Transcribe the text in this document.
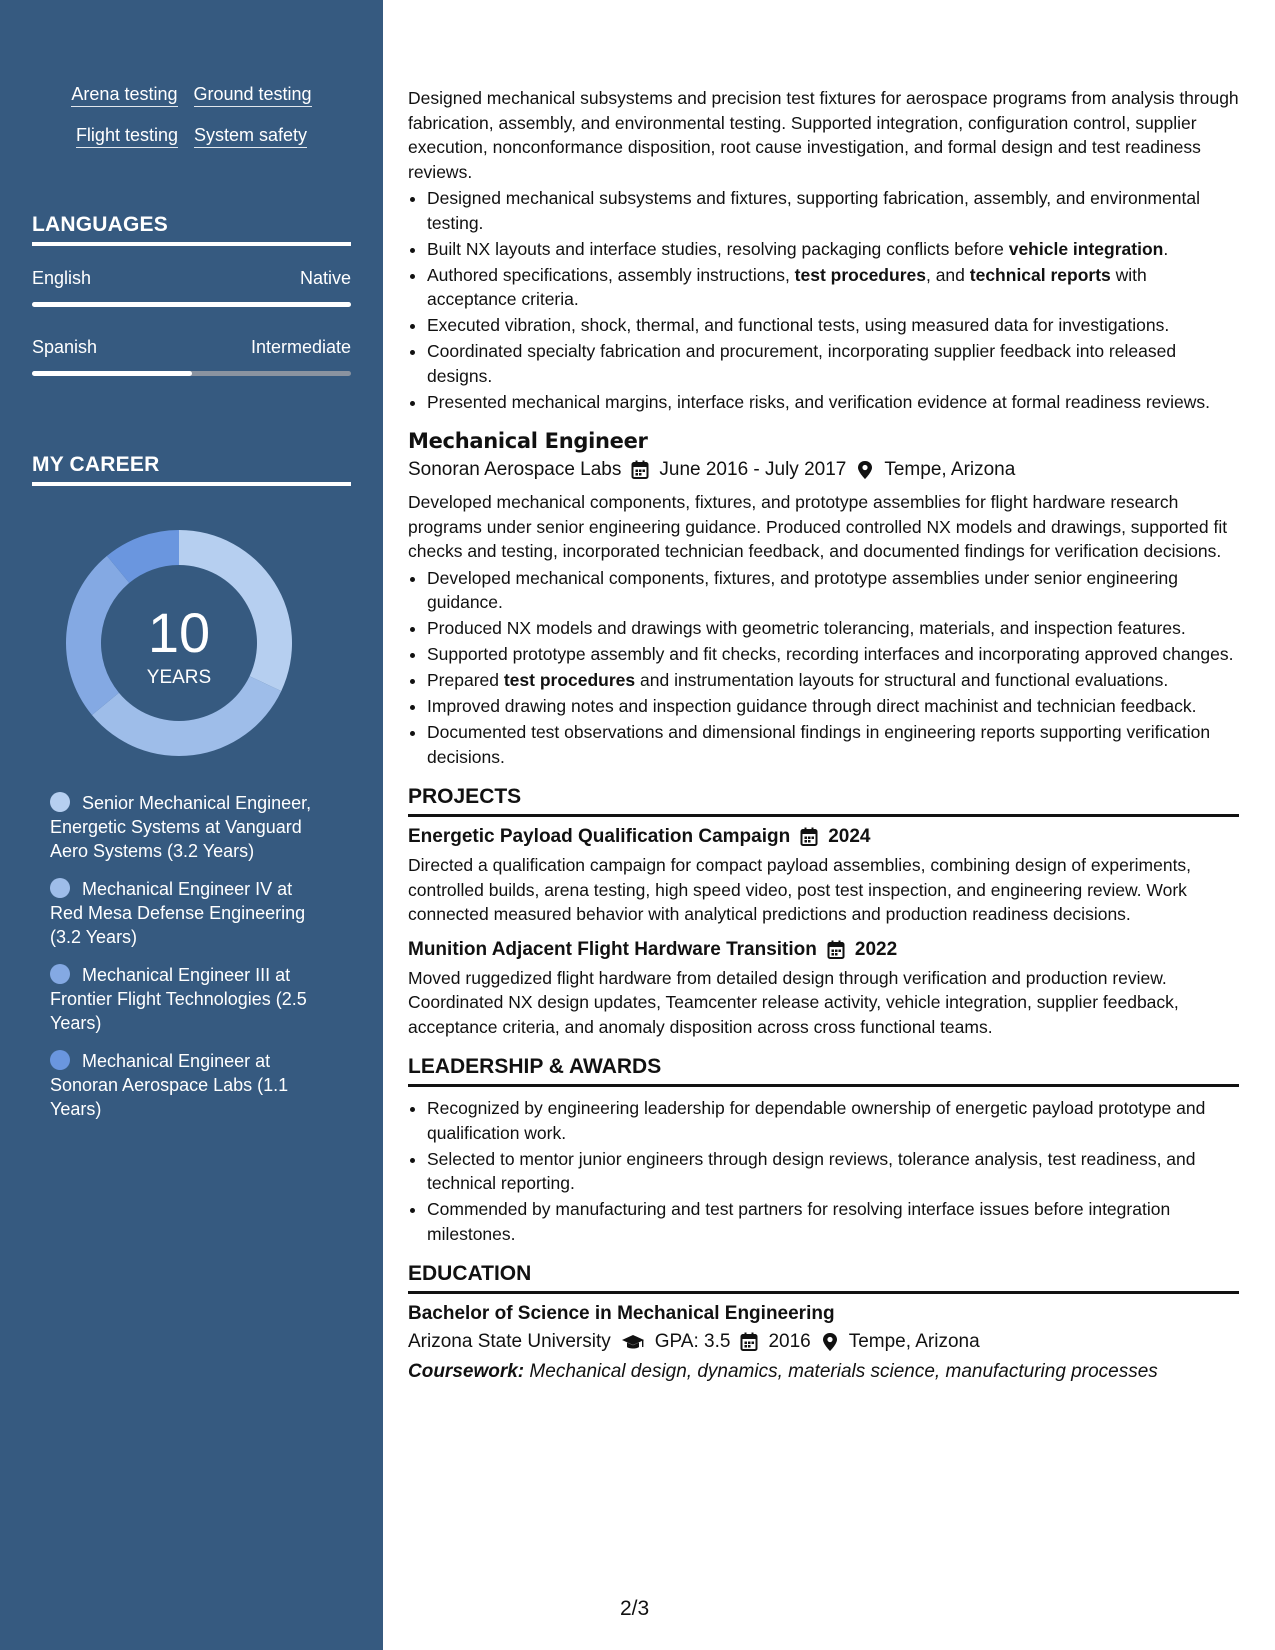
Arena testing Ground testing
Flight testing System safety
LANGUAGES
English	Native
Spanish	Intermediate
MY CAREER
10
YEARS
Senior Mechanical Engineer, Energetic Systems at Vanguard Aero Systems (3.2 Years)
Mechanical Engineer IV at Red Mesa Defense Engineering (3.2 Years)
Mechanical Engineer III at Frontier Flight Technologies (2.5 Years)
Mechanical Engineer at Sonoran Aerospace Labs (1.1 Years)

Designed mechanical subsystems and precision test fixtures for aerospace programs from analysis through fabrication, assembly, and environmental testing. Supported integration, configuration control, supplier execution, nonconformance disposition, root cause investigation, and formal design and test readiness reviews.

• Designed mechanical subsystems and fixtures, supporting fabrication, assembly, and environmental testing.
• Built NX layouts and interface studies, resolving packaging conflicts before vehicle integration.
• Authored specifications, assembly instructions, test procedures, and technical reports with acceptance criteria.
• Executed vibration, shock, thermal, and functional tests, using measured data for investigations.
• Coordinated specialty fabrication and procurement, incorporating supplier feedback into released designs.
• Presented mechanical margins, interface risks, and verification evidence at formal readiness reviews.
Mechanical Engineer
Sonoran Aerospace Labs June 2016 - July 2017 Tempe, Arizona

Developed mechanical components, fixtures, and prototype assemblies for flight hardware research programs under senior engineering guidance. Produced controlled NX models and drawings, supported fit checks and testing, incorporated technician feedback, and documented findings for verification decisions.

• Developed mechanical components, fixtures, and prototype assemblies under senior engineering guidance.
• Produced NX models and drawings with geometric tolerancing, materials, and inspection features.
• Supported prototype assembly and fit checks, recording interfaces and incorporating approved changes.
• Prepared test procedures and instrumentation layouts for structural and functional evaluations.
• Improved drawing notes and inspection guidance through direct machinist and technician feedback.
• Documented test observations and dimensional findings in engineering reports supporting verification decisions.
PROJECTS
Energetic Payload Qualification Campaign 2024

Directed a qualification campaign for compact payload assemblies, combining design of experiments, controlled builds, arena testing, high speed video, post test inspection, and engineering review. Work connected measured behavior with analytical predictions and production readiness decisions.

Munition Adjacent Flight Hardware Transition 2022

Moved ruggedized flight hardware from detailed design through verification and production review. Coordinated NX design updates, Teamcenter release activity, vehicle integration, supplier feedback, acceptance criteria, and anomaly disposition across cross functional teams.

LEADERSHIP & AWARDS
• Recognized by engineering leadership for dependable ownership of energetic payload prototype and qualification work.
• Selected to mentor junior engineers through design reviews, tolerance analysis, test readiness, and technical reporting.
• Commended by manufacturing and test partners for resolving interface issues before integration milestones.
EDUCATION
Bachelor of Science in Mechanical Engineering
Arizona State University GPA: 3.5 2016 Tempe, Arizona
Coursework: Mechanical design, dynamics, materials science, manufacturing processes
2/3
